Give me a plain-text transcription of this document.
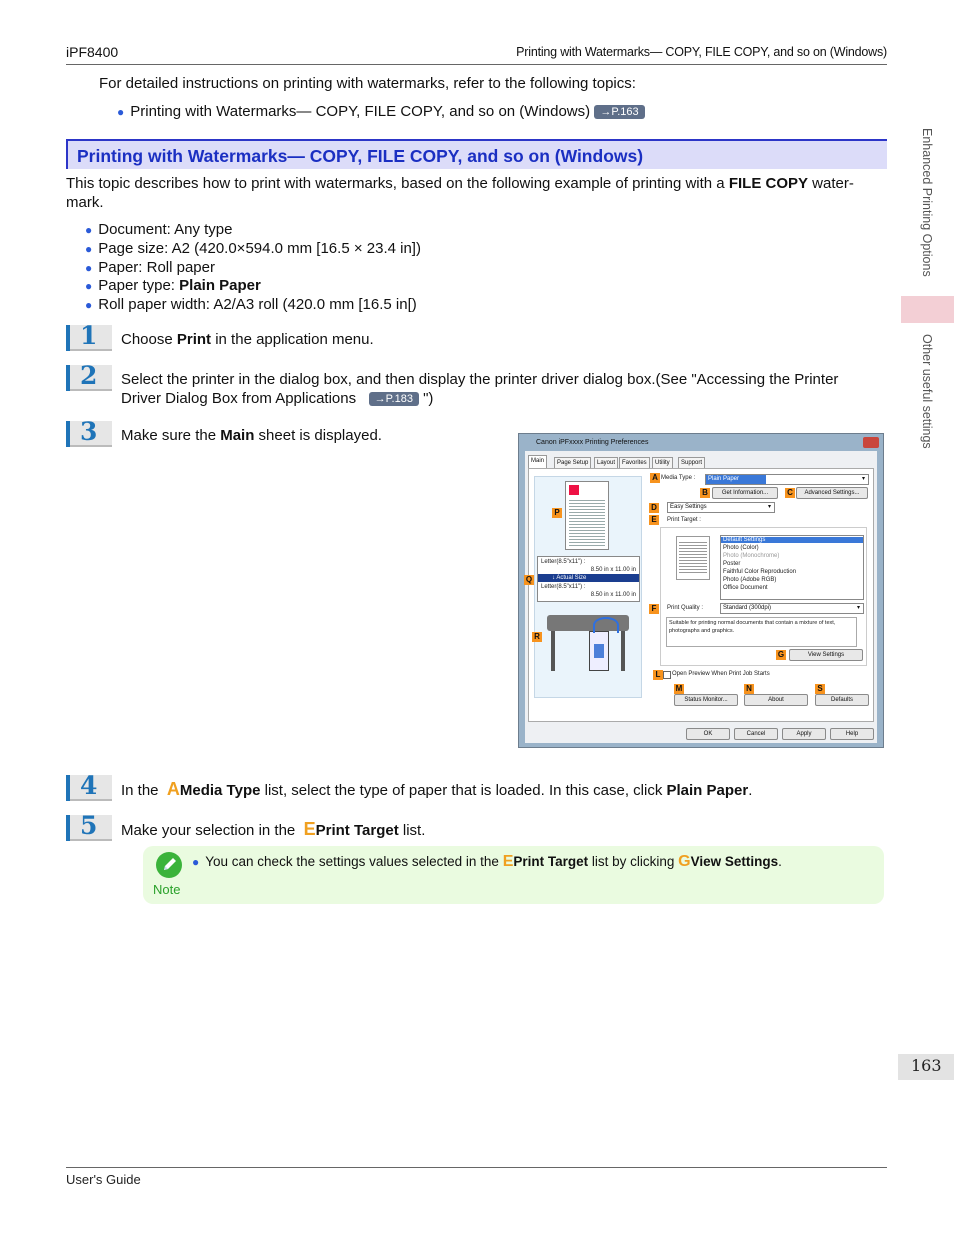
iPF8400	Printing with Watermarks— COPY, FILE COPY, and so on (Windows)
For detailed instructions on printing with watermarks, refer to the following topics:
● Printing with Watermarks— COPY, FILE COPY, and so on (Windows) →P.163
Printing with Watermarks— COPY, FILE COPY, and so on (Windows)
This topic describes how to print with watermarks, based on the following example of printing with a FILE COPY water-
mark.
● Document: Any type
● Page size: A2 (420.0×594.0 mm [16.5 × 23.4 in])
● Paper: Roll paper
● Paper type: Plain Paper
● Roll paper width: A2/A3 roll (420.0 mm [16.5 in[)
1 Choose Print in the application menu.
2 Select the printer in the dialog box, and then display the printer driver dialog box.(See "Accessing the Printer
Driver Dialog Box from Applications →P.183 ")
3 Make sure the Main sheet is displayed.	Canon iPFxxxx Printing Preferences
Main	Page Setup	Layout	Favorites	Utility	Support
P
Letter(8.5"x11") :
8.50 in x 11.00 in
↓ Actual Size
Letter(8.5"x11") :
8.50 in x 11.00 in
Q
R
A Media Type :	Plain Paper	▾
B	Get Information...	C	Advanced Settings...
D	Easy Settings	▾
E	Print Target :
Default Settings
Photo (Color)
Photo (Monochrome)
Poster
Faithful Color Reproduction
Photo (Adobe RGB)
Office Document
F	Print Quality :	Standard (300dpi)	▾
Suitable for printing normal documents that contain a mixture of text, photographs and graphics.
G	View Settings
L	Open Preview When Print Job Starts
M
Status Monitor...
N
About
S
Defaults
OK	Cancel	Apply	Help
4 In the  AMedia Type list, select the type of paper that is loaded. In this case, click Plain Paper.
5 Make your selection in the  EPrint Target list.
Note
● You can check the settings values selected in the EPrint Target list by clicking GView Settings.
Enhanced Printing Options
Other useful settings
163
User's Guide
